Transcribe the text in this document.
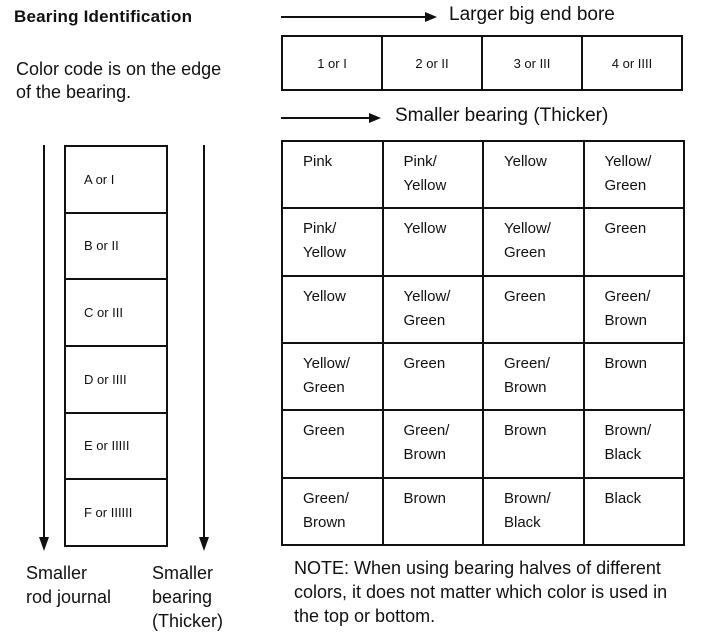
Bearing Identification
Color code is on the edge of the bearing.
Larger big end bore
1 or I	2 or II	3 or III	4 or IIII
Smaller bearing (Thicker)
A or I
B or II
C or III
D or IIII
E or IIIII
F or IIIIII
Pink	Pink/ Yellow	Yellow	Yellow/ Green
Pink/ Yellow	Yellow	Yellow/ Green	Green
Yellow	Yellow/ Green	Green	Green/ Brown
Yellow/ Green	Green	Green/ Brown	Brown
Green	Green/ Brown	Brown	Brown/ Black
Green/ Brown	Brown	Brown/ Black	Black
Smaller rod journal
Smaller bearing (Thicker)
NOTE: When using bearing halves of different colors, it does not matter which color is used in the top or bottom.
